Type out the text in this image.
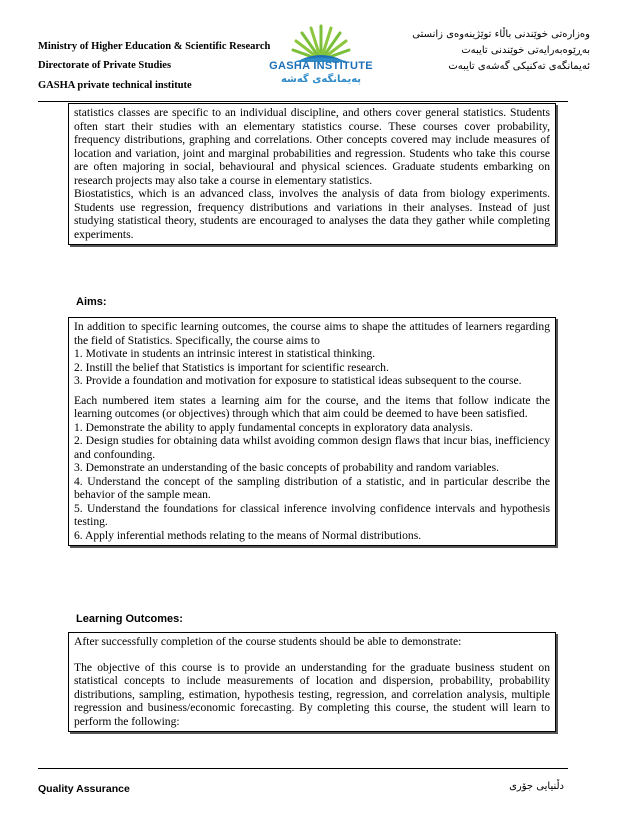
Ministry of Higher Education & Scientific Research
Directorate of Private Studies
GASHA private technical institute
GASHA INSTITUTE
پەیمانگەی گەشە
وەزارەتی خوێندنی باڵاء توێژینەوەی زانستی
بەڕێوەبەرایەتی خوێندنی تایبەت
ئەیمانگەی تەکنیکی گەشەی تایبەت

statistics classes are specific to an individual discipline, and others cover general statistics. Students often start their studies with an elementary statistics course. These courses cover probability, frequency distributions, graphing and correlations. Other concepts covered may include measures of location and variation, joint and marginal probabilities and regression. Students who take this course are often majoring in social, behavioural and physical sciences. Graduate students embarking on research projects may also take a course in elementary statistics.

Biostatistics, which is an advanced class, involves the analysis of data from biology experiments. Students use regression, frequency distributions and variations in their analyses. Instead of just studying statistical theory, students are encouraged to analyses the data they gather while completing experiments.

Aims:

In addition to specific learning outcomes, the course aims to shape the attitudes of learners regarding the field of Statistics. Specifically, the course aims to

1. Motivate in students an intrinsic interest in statistical thinking.

2. Instill the belief that Statistics is important for scientific research.

3. Provide a foundation and motivation for exposure to statistical ideas subsequent to the course.

Each numbered item states a learning aim for the course, and the items that follow indicate the learning outcomes (or objectives) through which that aim could be deemed to have been satisfied.

1. Demonstrate the ability to apply fundamental concepts in exploratory data analysis.

2. Design studies for obtaining data whilst avoiding common design flaws that incur bias, inefficiency and confounding.

3. Demonstrate an understanding of the basic concepts of probability and random variables.

4. Understand the concept of the sampling distribution of a statistic, and in particular describe the behavior of the sample mean.

5. Understand the foundations for classical inference involving confidence intervals and hypothesis testing.

6. Apply inferential methods relating to the means of Normal distributions.

Learning Outcomes:

After successfully completion of the course students should be able to demonstrate:

The objective of this course is to provide an understanding for the graduate business student on statistical concepts to include measurements of location and dispersion, probability, probability distributions, sampling, estimation, hypothesis testing, regression, and correlation analysis, multiple regression and business/economic forecasting. By completing this course, the student will learn to perform the following:

Quality Assurance	دڵنیایی جۆری
